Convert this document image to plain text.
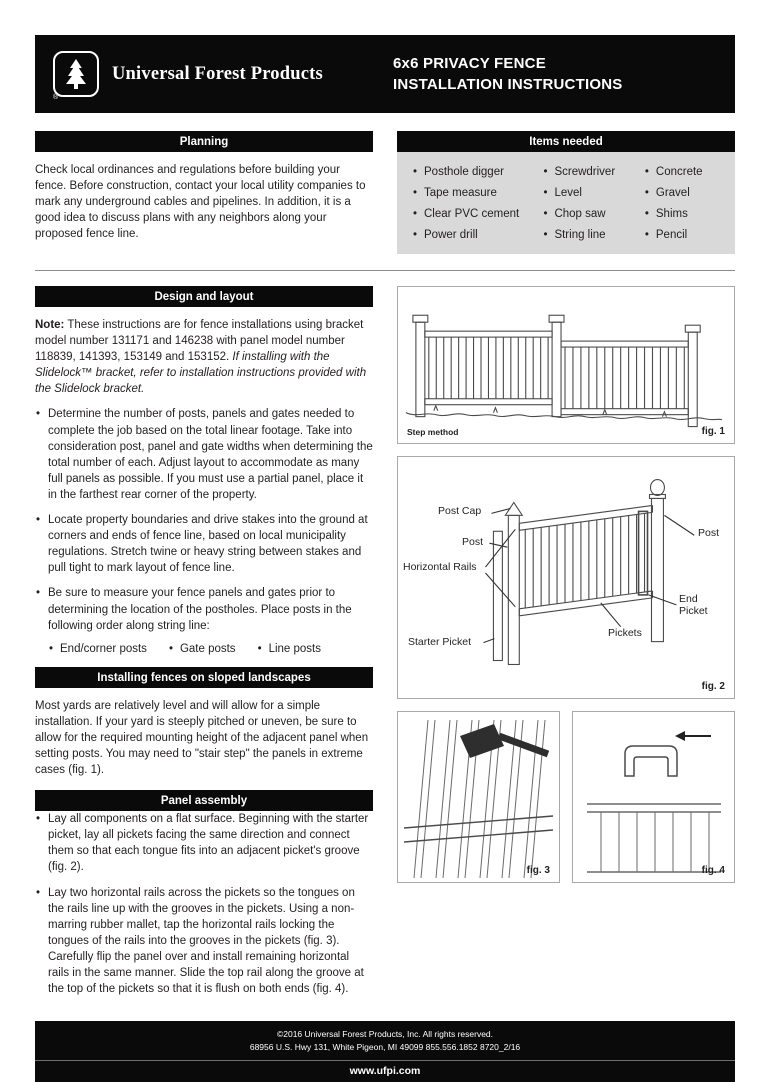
®
Universal Forest Products	6x6 PRIVACY FENCE
INSTALLATION INSTRUCTIONS
Planning

Check local ordinances and regulations before building your fence. Before construction, contact your local utility companies to mark any underground cables and pipelines. In addition, it is a good idea to discuss plans with any neighbors along your proposed fence line.

Items needed
• Posthole digger
• Tape measure
• Clear PVC cement
• Power drill
• Screwdriver
• Level
• Chop saw
• String line
• Concrete
• Gravel
• Shims
• Pencil
Design and layout

Note: These instructions are for fence installations using bracket model number 131171 and 146238 with panel model number 118839, 141393, 153149 and 153152. If installing with the Slidelock™ bracket, refer to installation instructions provided with the Slidelock bracket.

• Determine the number of posts, panels and gates needed to complete the job based on the total linear footage. Take into consideration post, panel and gate widths when determining the total number of each. Adjust layout to accommodate as many full panels as possible. If you must use a partial panel, place it in the farthest rear corner of the property.
• Locate property boundaries and drive stakes into the ground at corners and ends of fence line, based on local municipality regulations. Stretch twine or heavy string between stakes and pull tight to mark layout of fence line.
• Be sure to measure your fence panels and gates prior to determining the location of the postholes. Place posts in the following order along string line:
• End/corner posts	• Gate posts	• Line posts
Installing fences on sloped landscapes

Most yards are relatively level and will allow for a simple installation. If your yard is steeply pitched or uneven, be sure to allow for the required mounting height of the adjacent panel when setting posts. You may need to "stair step" the panels in extreme cases (fig. 1).

Panel assembly
• Lay all components on a flat surface. Beginning with the starter picket, lay all pickets facing the same direction and connect them so that each tongue fits into an adjacent picket's groove (fig. 2).
• Lay two horizontal rails across the pickets so the tongues on the rails line up with the grooves in the pickets. Using a non-marring rubber mallet, tap the horizontal rails locking the tongues of the rails into the grooves in the pickets (fig. 3). Carefully flip the panel over and install remaining horizontal rails in the same manner. Slide the top rail along the groove at the top of the pickets so that it is flush on both ends (fig. 4).
Step method	fig. 1
Post Cap
Post
Horizontal Rails
Starter Picket
Post
End Picket
Pickets
fig. 2
fig. 3	fig. 4
©2016 Universal Forest Products, Inc. All rights reserved.
68956 U.S. Hwy 131, White Pigeon, MI 49099 855.556.1852 8720_2/16
www.ufpi.com
